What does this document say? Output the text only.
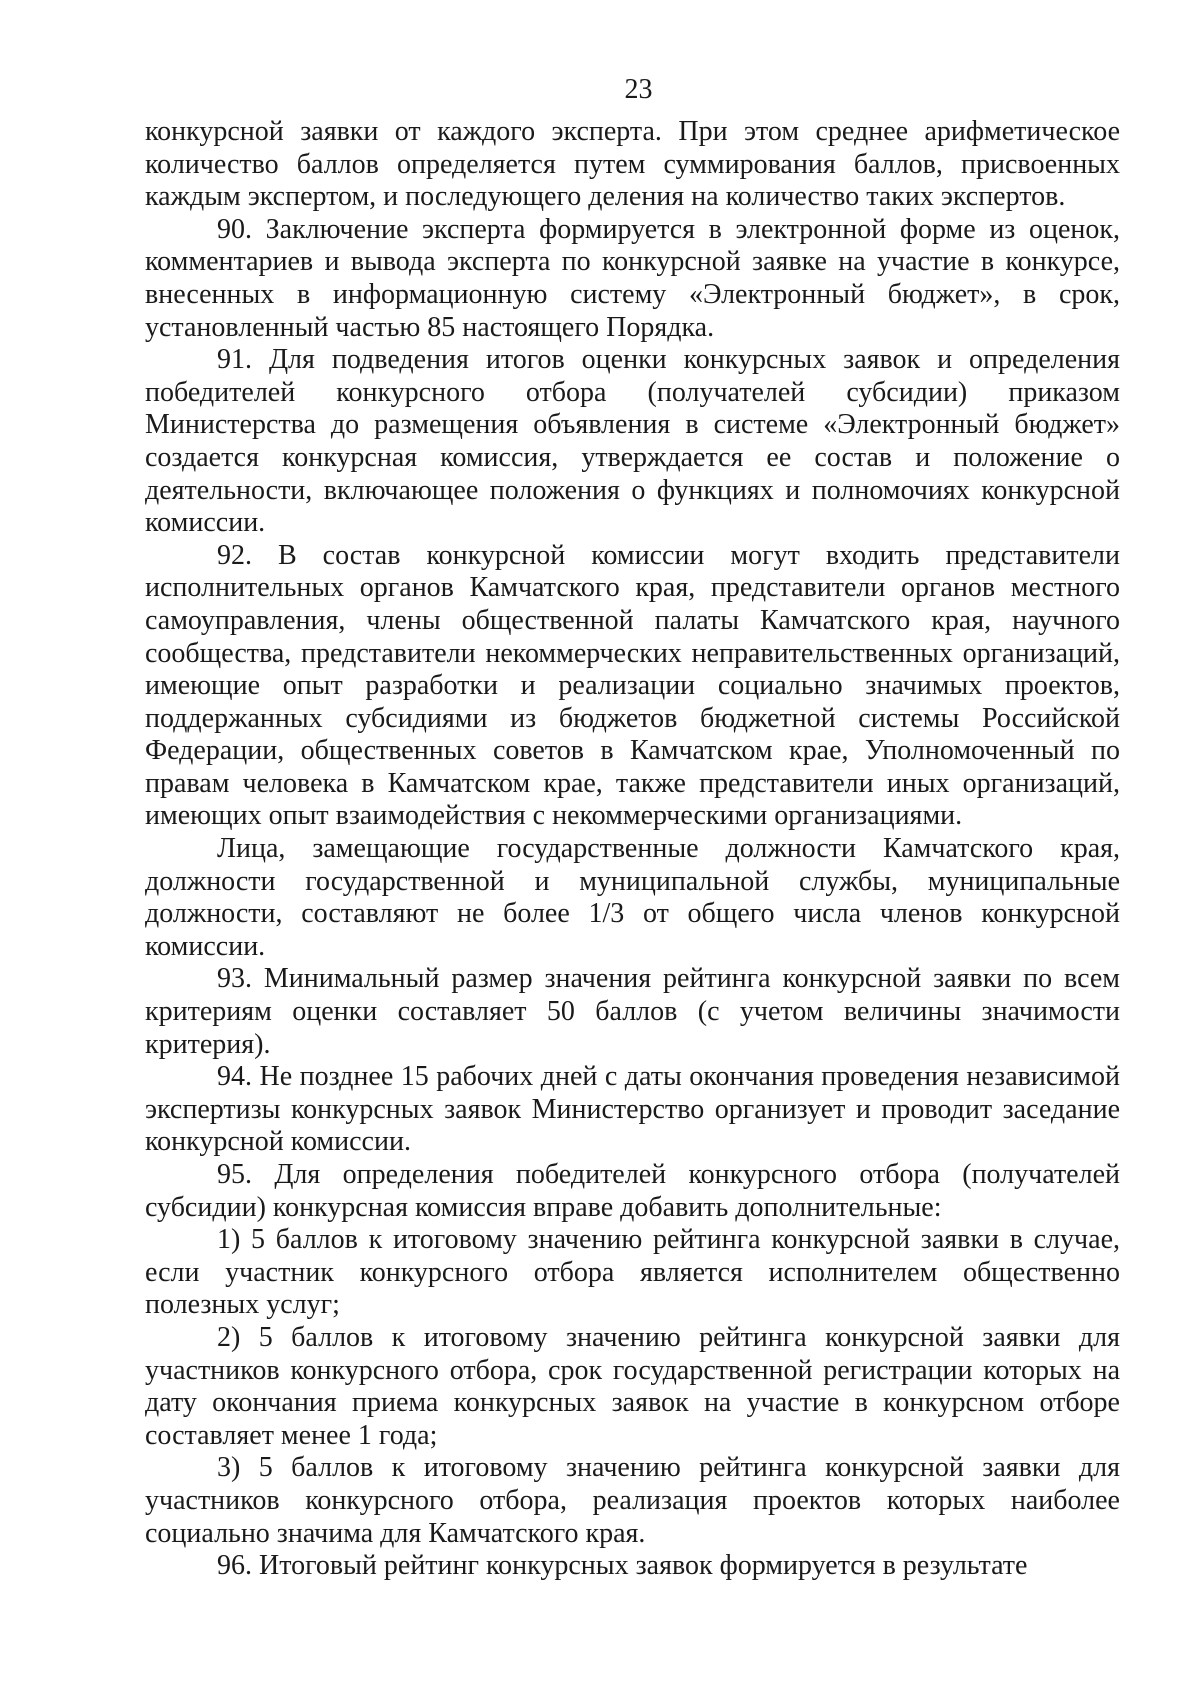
23

конкурсной заявки от каждого эксперта. При этом среднее арифметическое количество баллов определяется путем суммирования баллов, присвоенных каждым экспертом, и последующего деления на количество таких экспертов.

90. Заключение эксперта формируется в электронной форме из оценок, комментариев и вывода эксперта по конкурсной заявке на участие в конкурсе, внесенных в информационную систему «Электронный бюджет», в срок, установленный частью 85 настоящего Порядка.

91. Для подведения итогов оценки конкурсных заявок и определения победителей конкурсного отбора (получателей субсидии) приказом Министерства до размещения объявления в системе «Электронный бюджет» создается конкурсная комиссия, утверждается ее состав и положение о деятельности, включающее положения о функциях и полномочиях конкурсной комиссии.

92. В состав конкурсной комиссии могут входить представители исполнительных органов Камчатского края, представители органов местного самоуправления, члены общественной палаты Камчатского края, научного сообщества, представители некоммерческих неправительственных организаций, имеющие опыт разработки и реализации социально значимых проектов, поддержанных субсидиями из бюджетов бюджетной системы Российской Федерации, общественных советов в Камчатском крае, Уполномоченный по правам человека в Камчатском крае, также представители иных организаций, имеющих опыт взаимодействия с некоммерческими организациями.

Лица, замещающие государственные должности Камчатского края, должности государственной и муниципальной службы, муниципальные должности, составляют не более 1/3 от общего числа членов конкурсной комиссии.

93. Минимальный размер значения рейтинга конкурсной заявки по всем критериям оценки составляет 50 баллов (с учетом величины значимости критерия).

94. Не позднее 15 рабочих дней с даты окончания проведения независимой экспертизы конкурсных заявок Министерство организует и проводит заседание конкурсной комиссии.

95. Для определения победителей конкурсного отбора (получателей субсидии) конкурсная комиссия вправе добавить дополнительные:

1) 5 баллов к итоговому значению рейтинга конкурсной заявки в случае, если участник конкурсного отбора является исполнителем общественно полезных услуг;

2) 5 баллов к итоговому значению рейтинга конкурсной заявки для участников конкурсного отбора, срок государственной регистрации которых на дату окончания приема конкурсных заявок на участие в конкурсном отборе составляет менее 1 года;

3) 5 баллов к итоговому значению рейтинга конкурсной заявки для участников конкурсного отбора, реализация проектов которых наиболее социально значима для Камчатского края.

96. Итоговый рейтинг конкурсных заявок формируется в результате
